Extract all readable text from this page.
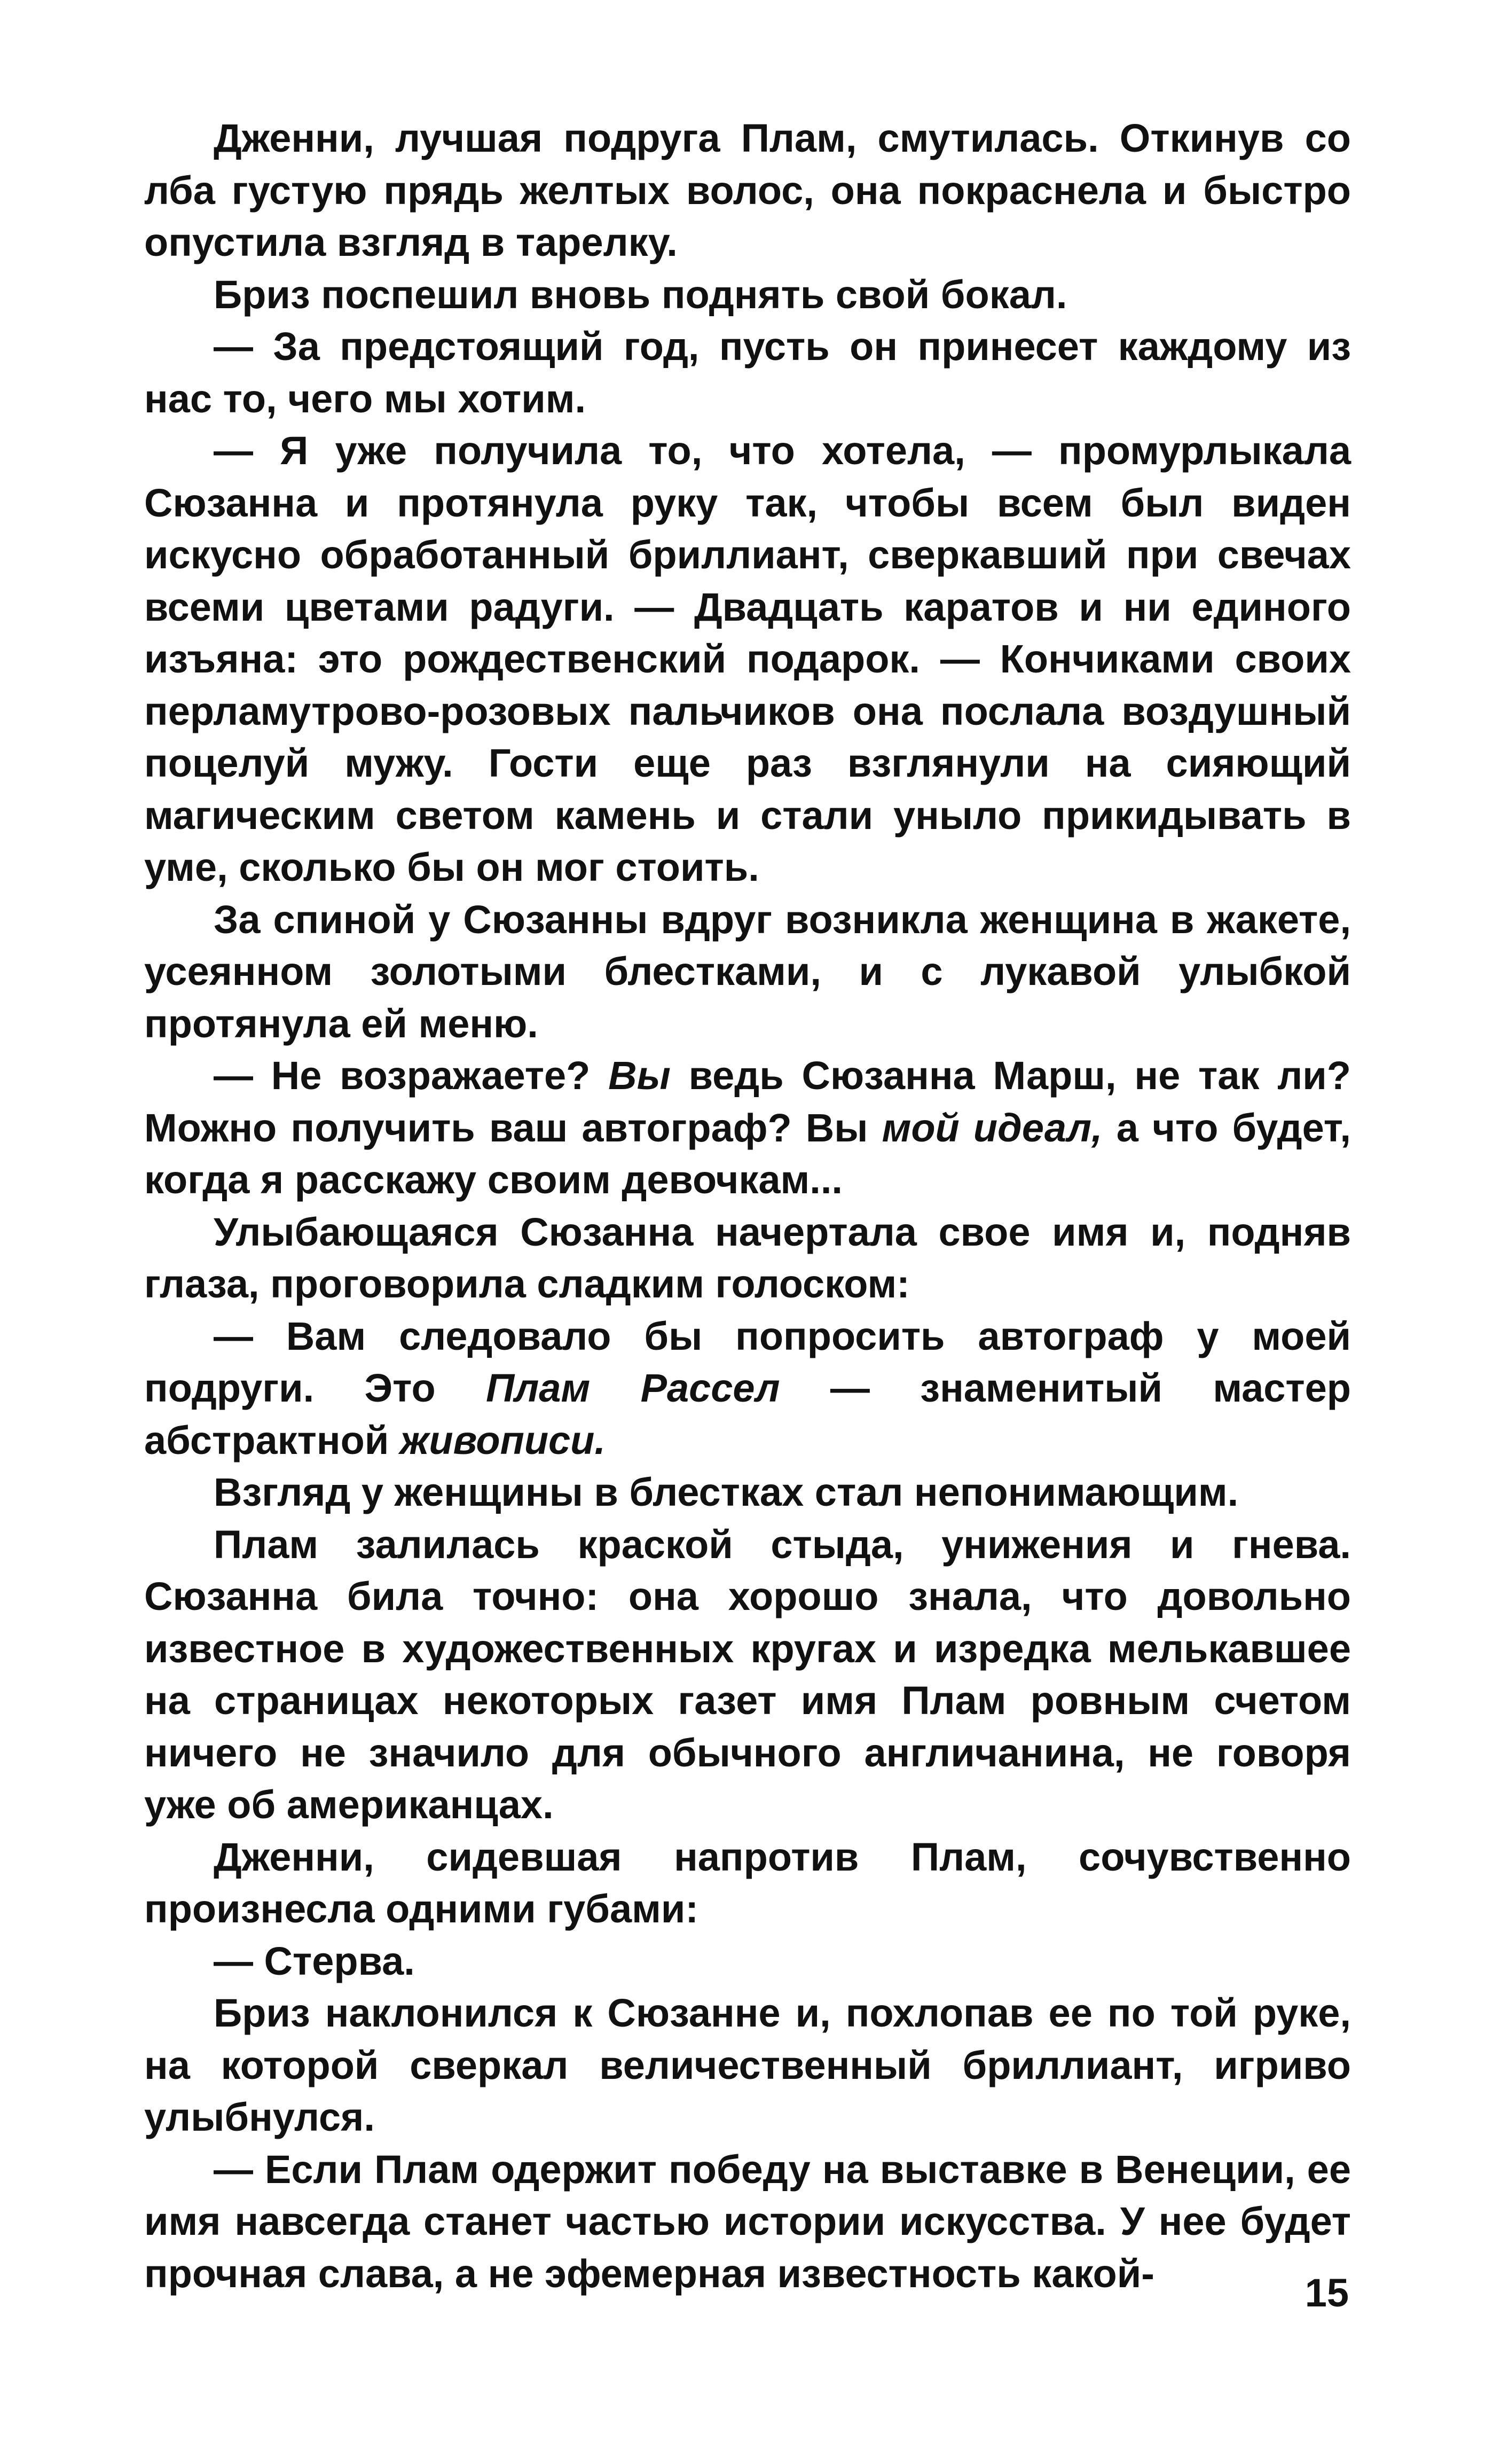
Дженни, лучшая подруга Плам, смутилась. Откинув со лба густую прядь желтых волос, она покраснела и быстро опустила взгляд в тарелку.

Бриз поспешил вновь поднять свой бокал.

— За предстоящий год, пусть он принесет каждому из нас то, чего мы хотим.

— Я уже получила то, что хотела, — промурлыкала Сюзанна и протянула руку так, чтобы всем был виден искусно обработанный бриллиант, сверкавший при свечах всеми цветами радуги. — Двадцать каратов и ни единого изъяна: это рождественский подарок. — Кончиками своих перламутрово-розовых пальчиков она послала воздушный поцелуй мужу. Гости еще раз взглянули на сияющий магическим светом камень и стали уныло прикидывать в уме, сколько бы он мог стоить.

За спиной у Сюзанны вдруг возникла женщина в жакете, усеянном золотыми блестками, и с лукавой улыбкой протянула ей меню.

— Не возражаете? Вы ведь Сюзанна Марш, не так ли? Можно получить ваш автограф? Вы мой идеал, а что будет, когда я расскажу своим девочкам...

Улыбающаяся Сюзанна начертала свое имя и, подняв глаза, проговорила сладким голоском:

— Вам следовало бы попросить автограф у моей подруги. Это Плам Рассел — знаменитый мастер абстрактной живописи.

Взгляд у женщины в блестках стал непонимающим.

Плам залилась краской стыда, унижения и гнева. Сюзанна била точно: она хорошо знала, что довольно известное в художественных кругах и изредка мелькавшее на страницах некоторых газет имя Плам ровным счетом ничего не значило для обычного англичанина, не говоря уже об американцах.

Дженни, сидевшая напротив Плам, сочувственно произнесла одними губами:

— Стерва.

Бриз наклонился к Сюзанне и, похлопав ее по той руке, на которой сверкал величественный бриллиант, игриво улыбнулся.

— Если Плам одержит победу на выставке в Венеции, ее имя навсегда станет частью истории искусства. У нее будет прочная слава, а не эфемерная известность какой-	15
